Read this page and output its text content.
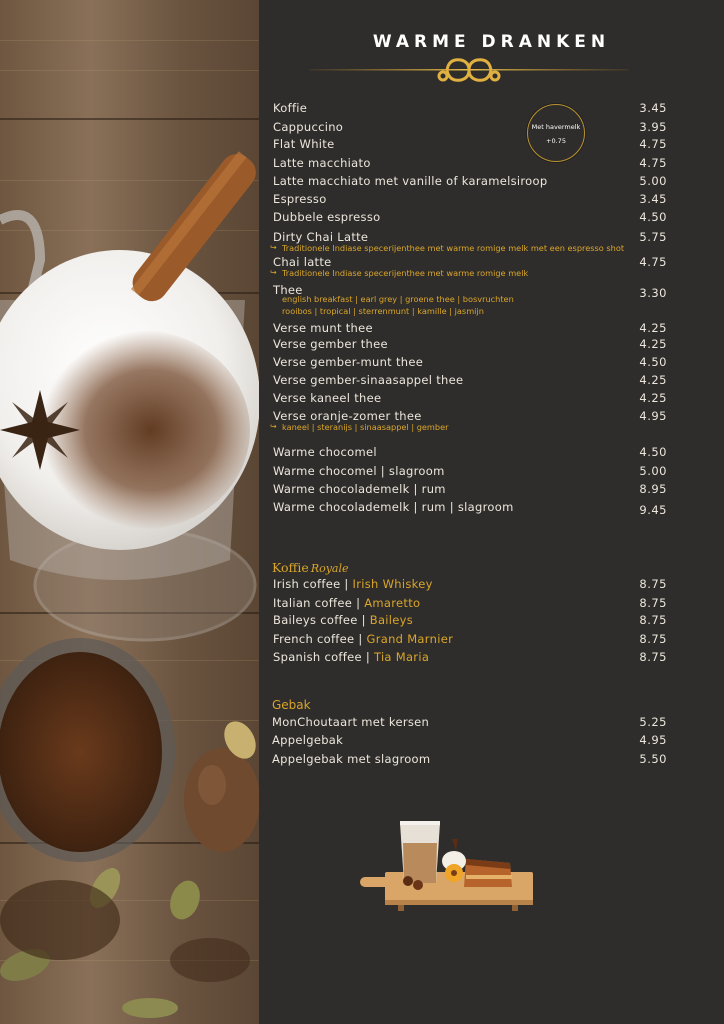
WARME DRANKEN
Met havermelk
+0.75
Koffie	3.45
Cappuccino	3.95
Flat White	4.75
Latte macchiato	4.75
Latte macchiato met vanille of karamelsiroop	5.00
Espresso	3.45
Dubbele espresso	4.50
Dirty Chai Latte	5.75
↪ Traditionele Indiase specerijenthee met warme romige melk met een espresso shot
Chai latte	4.75
↪ Traditionele Indiase specerijenthee met warme romige melk
Thee	3.30
english breakfast | earl grey | groene thee | bosvruchten
rooibos | tropical | sterrenmunt | kamille | jasmijn
Verse munt thee	4.25
Verse gember thee	4.25
Verse gember-munt thee	4.50
Verse gember-sinaasappel thee	4.25
Verse kaneel thee	4.25
Verse oranje-zomer thee	4.95
↪ kaneel | steranijs | sinaasappel | gember
Warme chocomel	4.50
Warme chocomel | slagroom	5.00
Warme chocolademelk | rum	8.95
Warme chocolademelk | rum | slagroom	9.45
Koffie Royale
Irish coffee | Irish Whiskey	8.75
Italian coffee | Amaretto	8.75
Baileys coffee | Baileys	8.75
French coffee | Grand Marnier	8.75
Spanish coffee | Tia Maria	8.75
Gebak
MonChoutaart met kersen	5.25
Appelgebak	4.95
Appelgebak met slagroom	5.50
